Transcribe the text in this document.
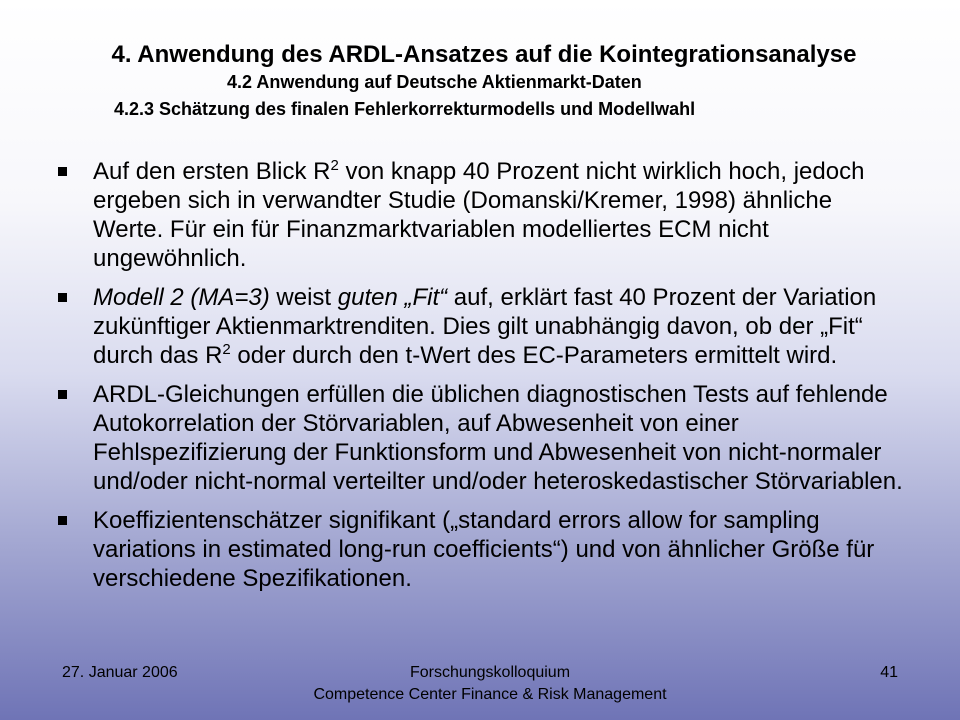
4. Anwendung des ARDL-Ansatzes auf die Kointegrationsanalyse
4.2 Anwendung auf Deutsche Aktienmarkt-Daten
4.2.3 Schätzung des finalen Fehlerkorrekturmodells und Modellwahl
Auf den ersten Blick $R^2$ von knapp 40 Prozent nicht wirklich hoch, jedoch ergeben sich in verwandter Studie (Domanski/Kremer, 1998) ähnliche Werte. Für ein für Finanzmarktvariablen modelliertes ECM nicht ungewöhnlich.
Modell 2 (MA=3) weist guten „Fit“ auf, erklärt fast 40 Prozent der Variation zukünftiger Aktienmarktrenditen. Dies gilt unabhängig davon, ob der „Fit“ durch das $R^2$ oder durch den t-Wert des EC-Parameters ermittelt wird.
ARDL-Gleichungen erfüllen die üblichen diagnostischen Tests auf fehlende Autokorrelation der Störvariablen, auf Abwesenheit von einer Fehlspezifizierung der Funktionsform und Abwesenheit von nicht-normaler und/oder nicht-normal verteilter und/oder heteroskedastischer Störvariablen.
Koeffizientenschätzer signifikant („standard errors allow for sampling variations in estimated long-run coefficients“) und von ähnlicher Größe für verschiedene Spezifikationen.
27. Januar 2006	Forschungskolloquium
Competence Center Finance & Risk Management
41
